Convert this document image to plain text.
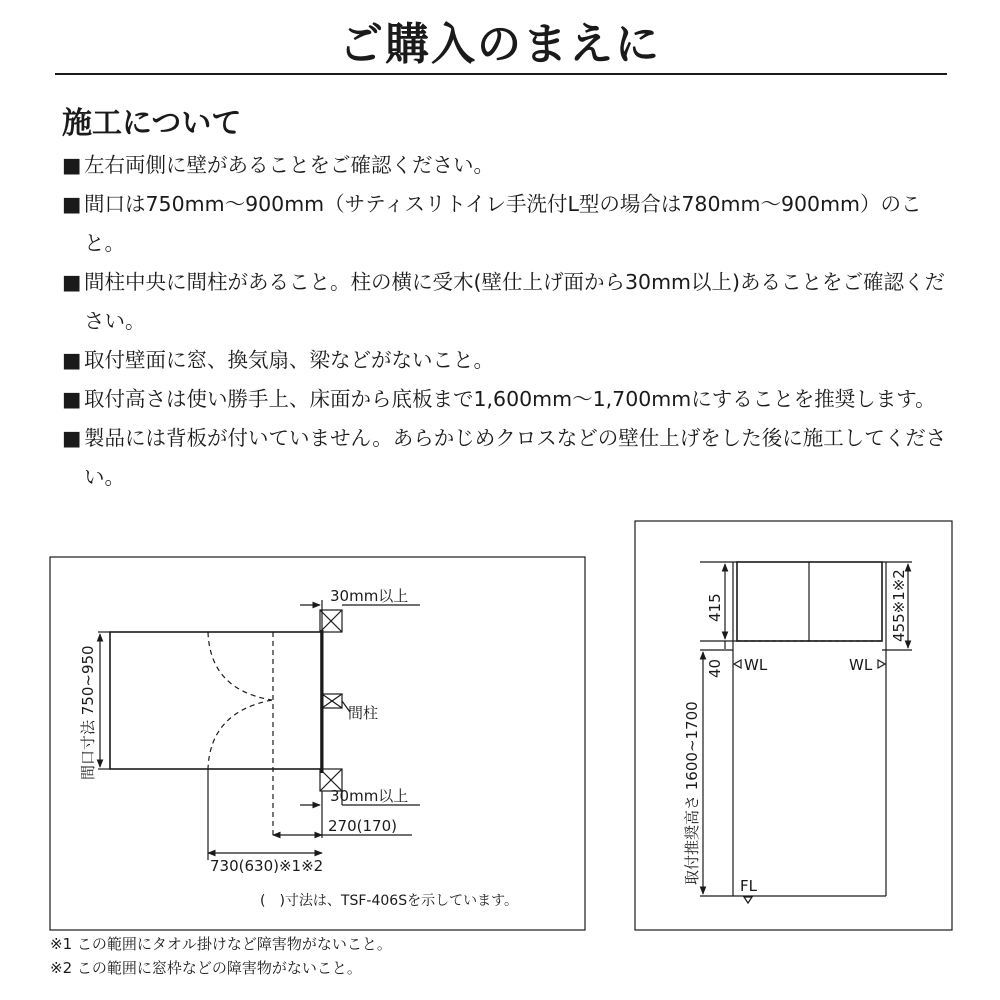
ご購入のまえに
施工について
■ 左右両側に壁があることをご確認ください。
■ 間口は750mm～900mm（サティスリトイレ手洗付L型の場合は780mm～900mm）のこと。
■ 間柱中央に間柱があること。柱の横に受木(壁仕上げ面から30mm以上)あることをご確認ください。
■ 取付壁面に窓、換気扇、梁などがないこと。
■ 取付高さは使い勝手上、床面から底板まで1,600mm～1,700mmにすることを推奨します。
■ 製品には背板が付いていません。あらかじめクロスなどの壁仕上げをした後に施工してください。
30mm以上
間柱
30mm以上
270(170)
730(630)※1※2
(　)寸法は、TSF-406Sを示しています。
間口寸法 750~950	WL	WL
FL
415
40
455※1※2
取付推奨高さ 1600~1700
※1 この範囲にタオル掛けなど障害物がないこと。
※2 この範囲に窓枠などの障害物がないこと。
